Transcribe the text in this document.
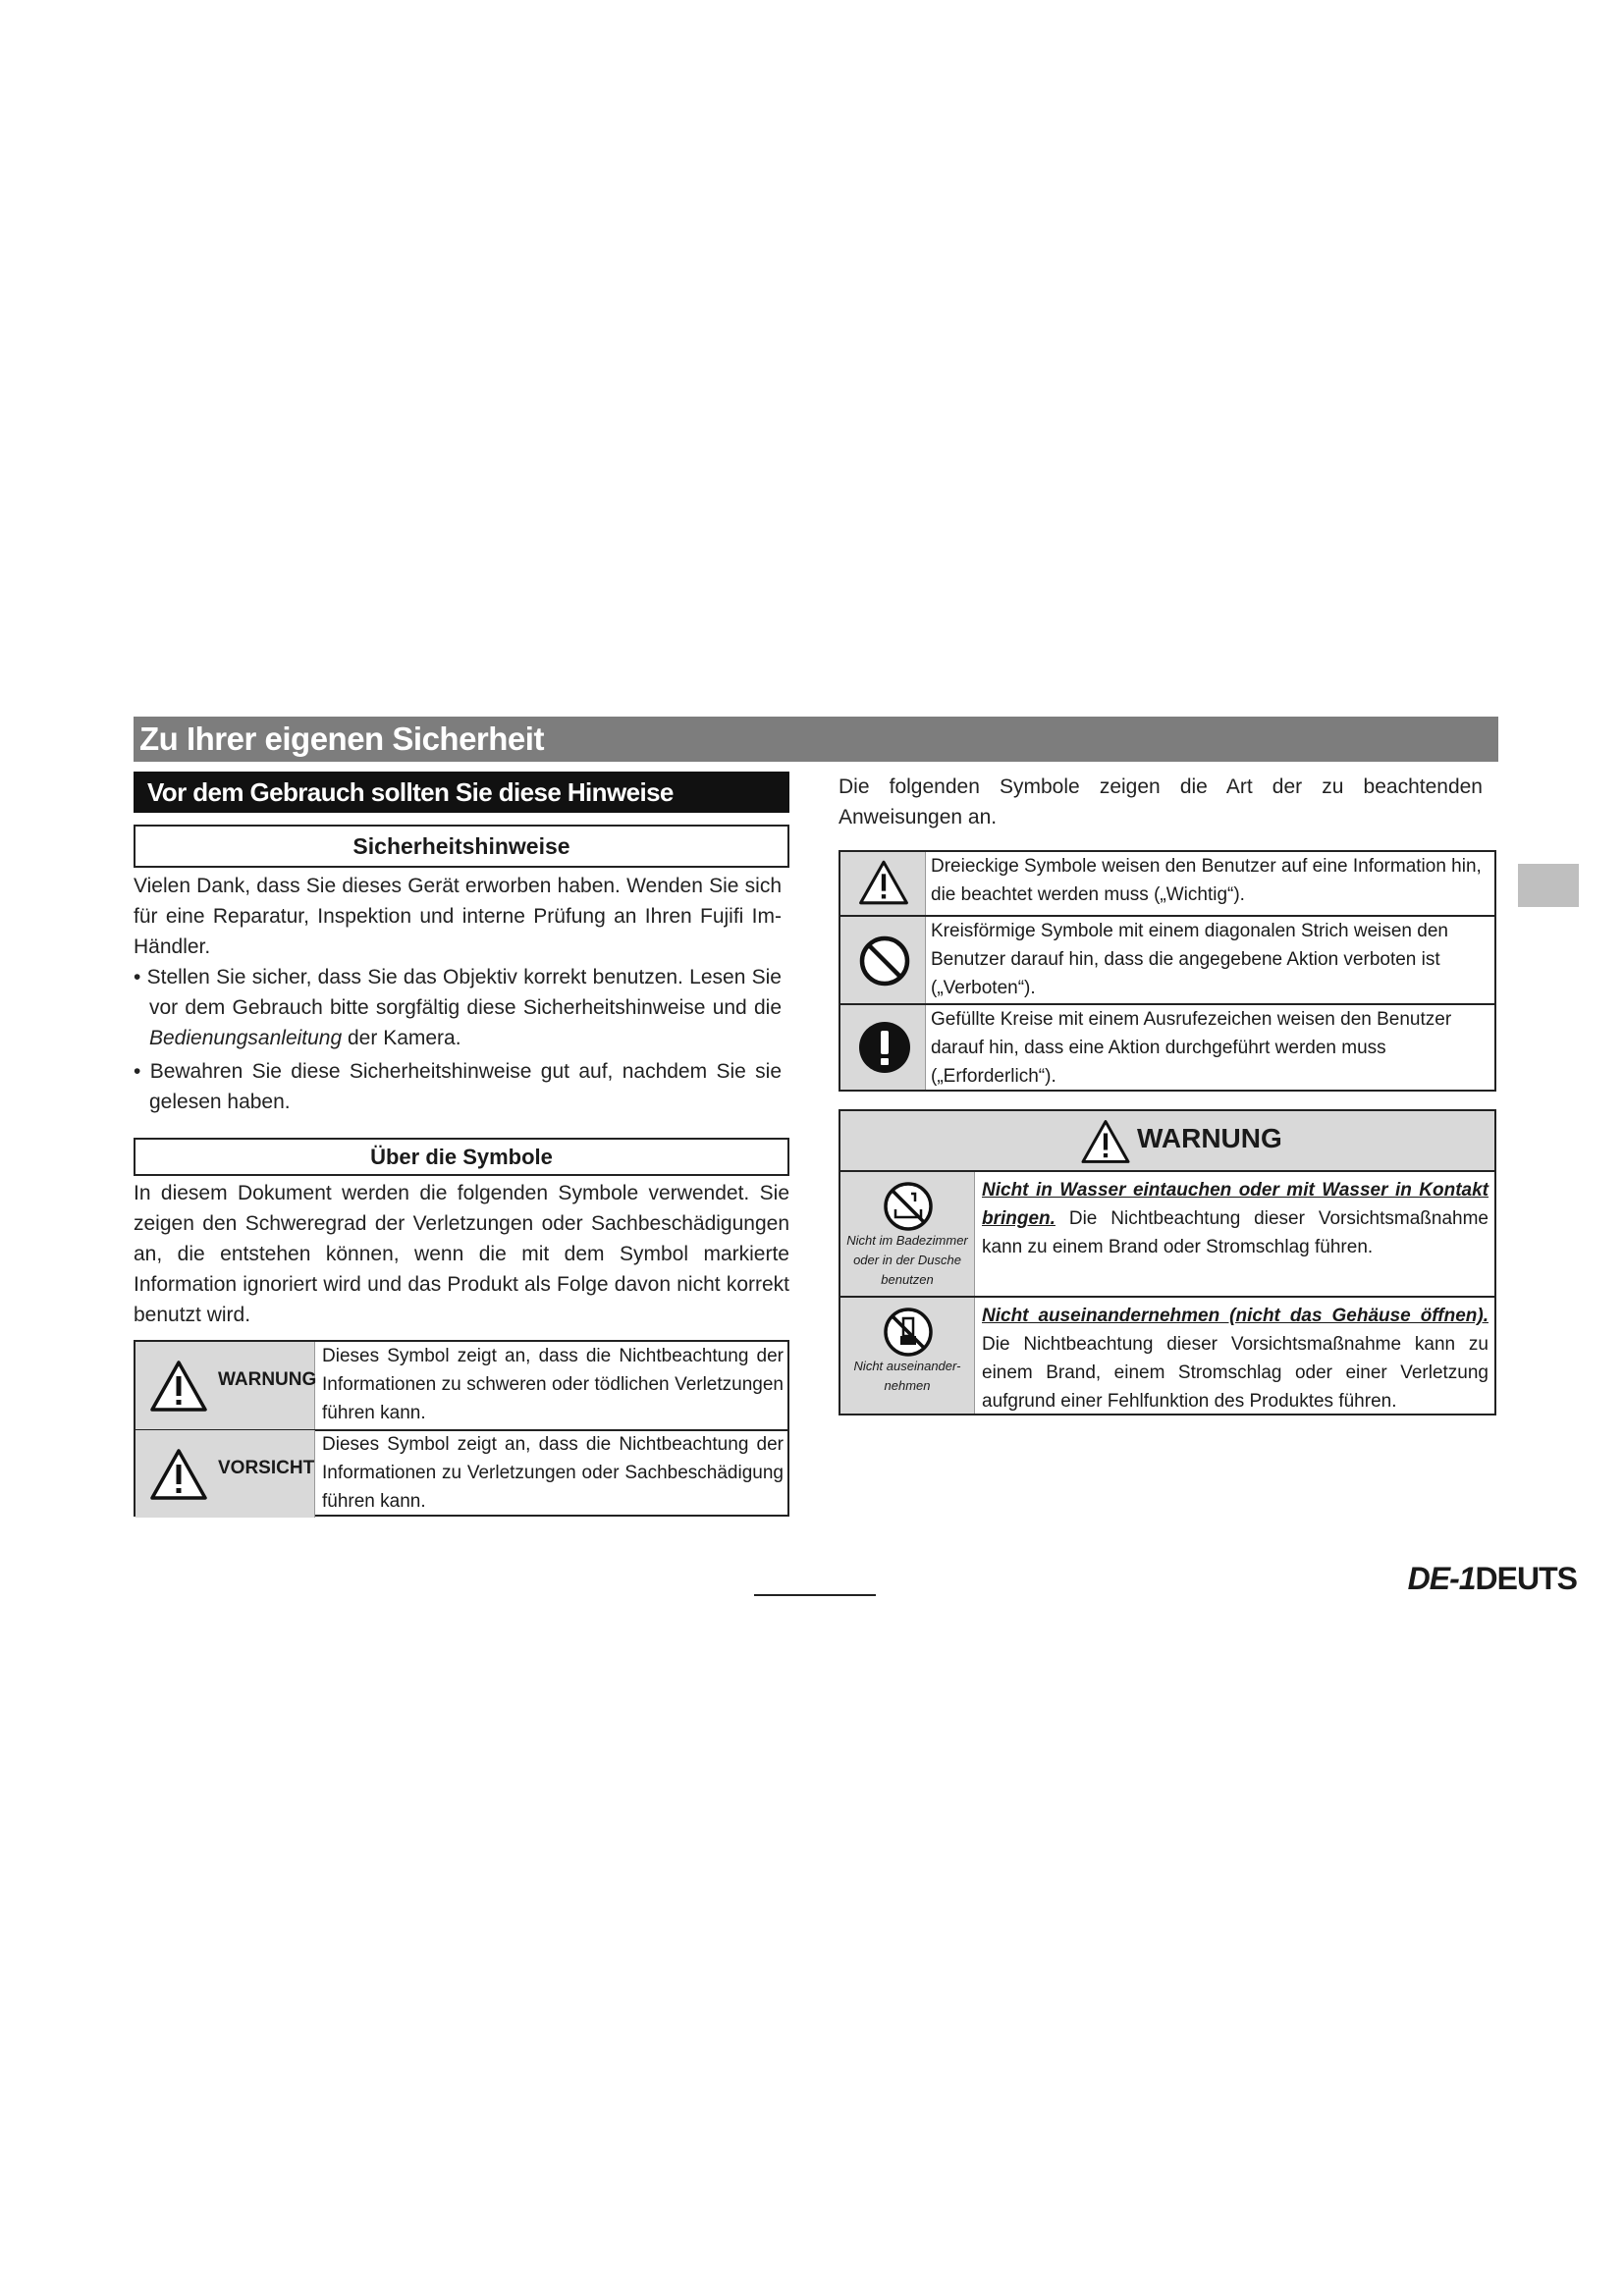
Zu Ihrer eigenen Sicherheit
Vor dem Gebrauch sollten Sie diese Hinweise unbedingt lesen Sicherheitshinweise

Vielen Dank, dass Sie dieses Gerät erworben haben. Wenden Sie sich für eine Reparatur, Inspektion und interne Prüfung an Ihren Fujifi Im-Händler.

• Stellen Sie sicher, dass Sie das Objektiv korrekt benutzen. Lesen Sie vor dem Gebrauch bitte sorgfältig diese Sicherheitshinweise und die Bedienungsanleitung der Kamera.

• Bewahren Sie diese Sicherheitshinweise gut auf, nachdem Sie sie gelesen haben.

Über die Symbole
In diesem Dokument werden die folgenden Symbole verwendet. Sie zeigen den Schweregrad der Verletzungen oder Sachbeschädigungen an, die entstehen können, wenn die mit dem Symbol markierte Information ignoriert wird und das Produkt als Folge davon nicht korrekt benutzt wird.
WARNUNG
Dieses Symbol zeigt an, dass die Nichtbeachtung der Informationen zu schweren oder tödlichen Verletzungen führen kann.
VORSICHT
Dieses Symbol zeigt an, dass die Nichtbeachtung der Informationen zu Verletzungen oder Sachbeschädigung führen kann.
Die folgenden Symbole zeigen die Art der zu beachtenden Anweisungen an.
Dreieckige Symbole weisen den Benutzer auf eine Information hin, die beachtet werden muss („Wichtig“).
Kreisförmige Symbole mit einem diagonalen Strich weisen den Benutzer darauf hin, dass die angegebene Aktion verboten ist („Verboten“).
Gefüllte Kreise mit einem Ausrufezeichen weisen den Benutzer darauf hin, dass eine Aktion durchgeführt werden muss („Erforderlich“).
WARNUNG
Nicht im Badezimmer oder in der Dusche benutzen
Nicht in Wasser eintauchen oder mit Wasser in Kontakt bringen. Die Nichtbeachtung dieser Vorsichtsmaßnahme kann zu einem Brand oder Stromschlag führen.
Nicht auseinander-nehmen
Nicht auseinandernehmen (nicht das Gehäuse öffnen). Die Nichtbeachtung dieser Vorsichtsmaßnahme kann zu einem Brand, einem Stromschlag oder einer Verletzung aufgrund einer Fehlfunktion des Produktes führen.
DE-1DEUTS
